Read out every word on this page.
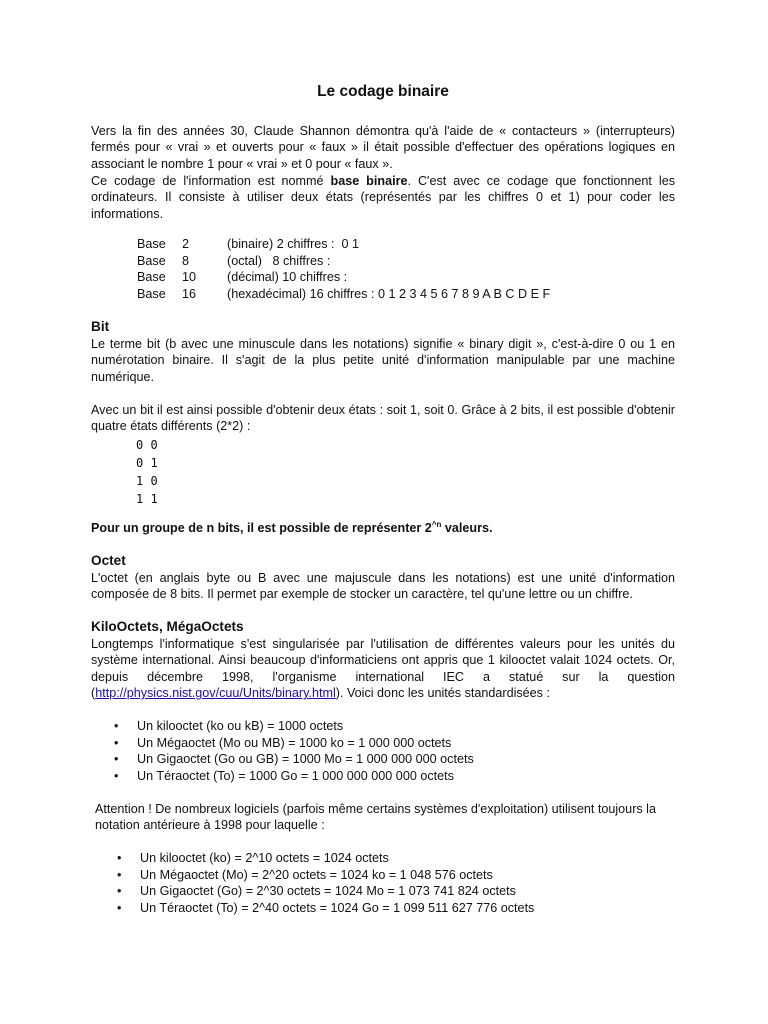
Le codage binaire
Vers la fin des années 30, Claude Shannon démontra qu'à l'aide de « contacteurs » (interrupteurs) fermés pour « vrai » et ouverts pour « faux » il était possible d'effectuer des opérations logiques en associant le nombre 1 pour « vrai » et 0 pour « faux ».
Ce codage de l'information est nommé base binaire. C'est avec ce codage que fonctionnent les ordinateurs. Il consiste à utiliser deux états (représentés par les chiffres 0 et 1) pour coder les informations.
Base	2	(binaire) 2 chiffres :  0 1
Base	8	(octal)   8 chiffres :
Base	10	(décimal) 10 chiffres :
Base	16	(hexadécimal) 16 chiffres : 0 1 2 3 4 5 6 7 8 9 A B C D E F
Bit
Le terme bit (b avec une minuscule dans les notations) signifie « binary digit », c'est-à-dire 0 ou 1 en numérotation binaire. Il s'agit de la plus petite unité d'information manipulable par une machine numérique.
Avec un bit il est ainsi possible d'obtenir deux états : soit 1, soit 0. Grâce à 2 bits, il est possible d'obtenir quatre états différents (2*2) :
0 0
0 1
1 0
1 1
Pour un groupe de n bits, il est possible de représenter $2^{\^{}n}$ valeurs.
Octet
L'octet (en anglais byte ou B avec une majuscule dans les notations) est une unité d'information composée de 8 bits. Il permet par exemple de stocker un caractère, tel qu'une lettre ou un chiffre.
KiloOctets, MégaOctets
Longtemps l'informatique s'est singularisée par l'utilisation de différentes valeurs pour les unités du système international. Ainsi beaucoup d'informaticiens ont appris que 1 kilooctet valait 1024 octets. Or, depuis décembre 1998, l'organisme international IEC a statué sur la question (http://physics.nist.gov/cuu/Units/binary.html). Voici donc les unités standardisées :
• Un kilooctet (ko ou kB) = 1000 octets
• Un Mégaoctet (Mo ou MB) = 1000 ko = 1 000 000 octets
• Un Gigaoctet (Go ou GB) = 1000 Mo = 1 000 000 000 octets
• Un Téraoctet (To) = 1000 Go = 1 000 000 000 000 octets
Attention ! De nombreux logiciels (parfois même certains systèmes d'exploitation) utilisent toujours la notation antérieure à 1998 pour laquelle :
• Un kilooctet (ko) = 2^10 octets = 1024 octets
• Un Mégaoctet (Mo) = 2^20 octets = 1024 ko = 1 048 576 octets
• Un Gigaoctet (Go) = 2^30 octets = 1024 Mo = 1 073 741 824 octets
• Un Téraoctet (To) = 2^40 octets = 1024 Go = 1 099 511 627 776 octets
